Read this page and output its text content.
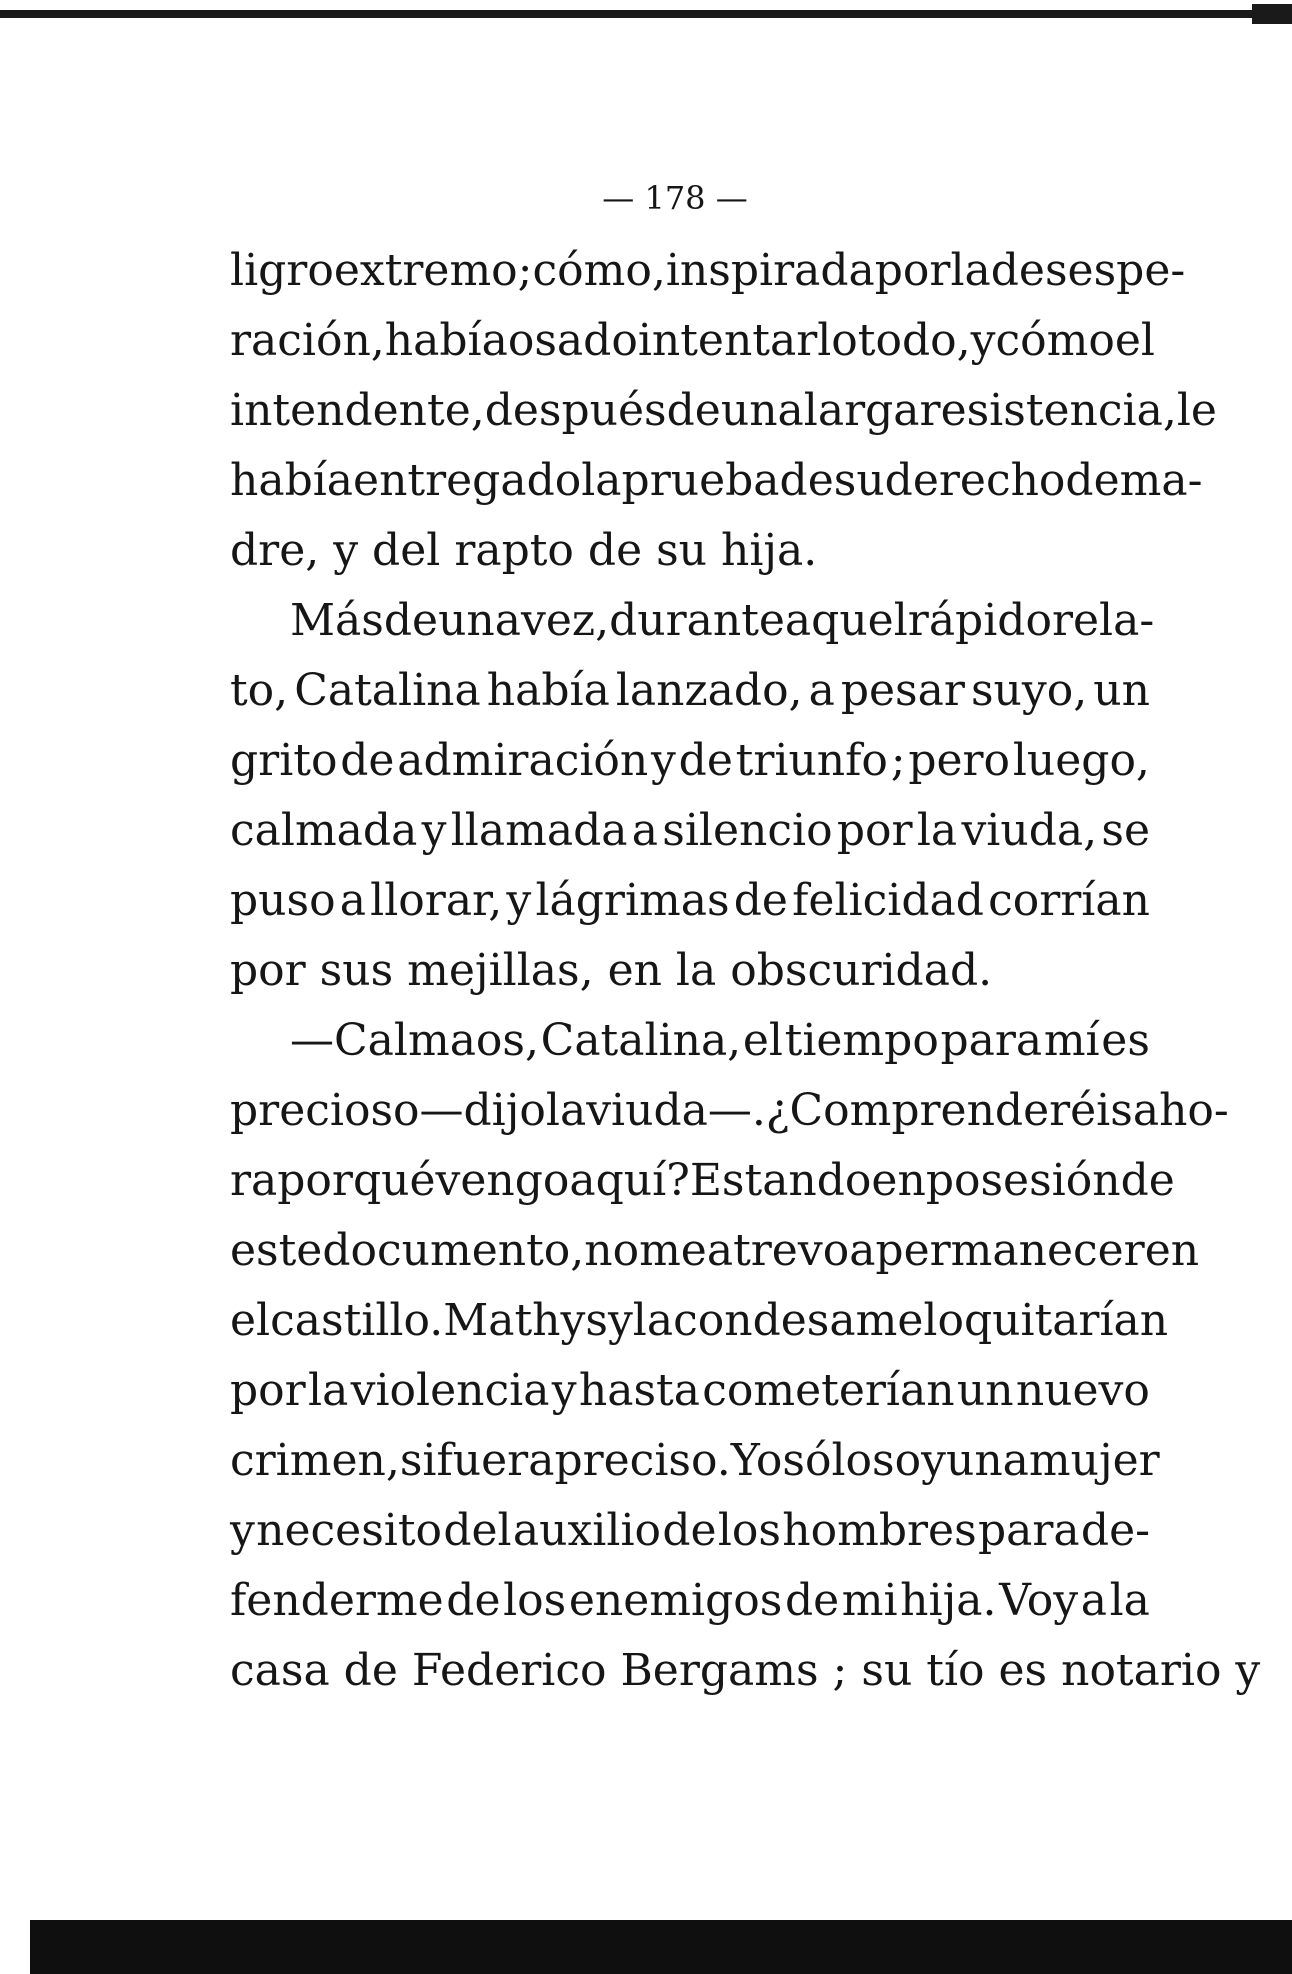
— 178 —
ligro extremo ; cómo, inspirada por la desespe-
ración, había osado intentarlo todo, y cómo el
intendente, después de una larga resistencia, le
había entregado la prueba de su derecho de ma-
dre, y del rapto de su hija.
Más de una vez, durante aquel rápido rela-
to, Catalina había lanzado, a pesar suyo, un
grito de admiración y de triunfo ; pero luego,
calmada y llamada a silencio por la viuda, se
puso a llorar, y lágrimas de felicidad corrían
por sus mejillas, en la obscuridad.
—Calmaos, Catalina, el tiempo para mí es
precioso — dijo la viuda—. ¿Comprenderéis aho-
ra por qué vengo aquí? Estando en posesión de
este documento, no me atrevo a permanecer en
el castillo. Mathys y la condesa me lo quitarían
por la violencia y hasta cometerían un nuevo
crimen, si fuera preciso. Yo sólo soy una mujer
y necesito del auxilio de los hombres para de-
fenderme de los enemigos de mi hija. Voy a la
casa de Federico Bergams ; su tío es notario y
